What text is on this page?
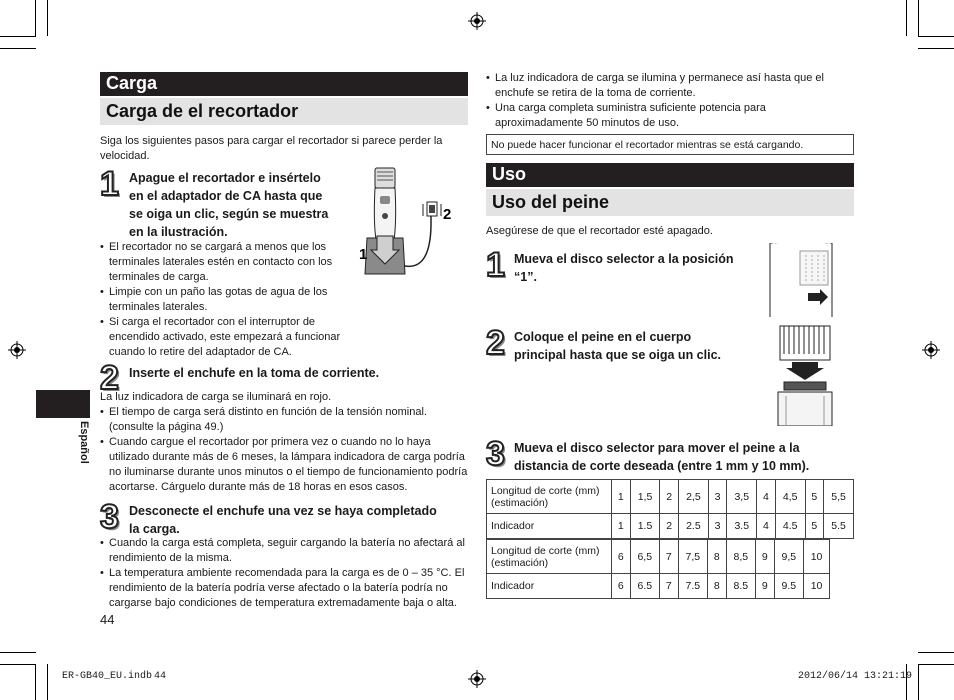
Carga
Carga de el recortador
Siga los siguientes pasos para cargar el recortador si parece perder la velocidad.
1 Apague el recortador e insértelo
en el adaptador de CA hasta que
se oiga un clic, según se muestra
en la ilustración.
1
2
• El recortador no se cargará a menos que los terminales laterales estén en contacto con los terminales de carga.
• Limpie con un paño las gotas de agua de los terminales laterales.
• Si carga el recortador con el interruptor de encendido activado, este empezará a funcionar cuando lo retire del adaptador de CA.
2 Inserte el enchufe en la toma de corriente.
La luz indicadora de carga se iluminará en rojo.
• El tiempo de carga será distinto en función de la tensión nominal. (consulte la página 49.)
• Cuando cargue el recortador por primera vez o cuando no lo haya utilizado durante más de 6 meses, la lámpara indicadora de carga podría no iluminarse durante unos minutos o el tiempo de funcionamiento podría acortarse. Cárguelo durante más de 18 horas en esos casos.
3 Desconecte el enchufe una vez se haya completado
la carga.
• Cuando la carga está completa, seguir cargando la batería no afectará al rendimiento de la misma.
• La temperatura ambiente recomendada para la carga es de 0 – 35 °C. El rendimiento de la batería podría verse afectado o la batería podría no cargarse bajo condiciones de temperatura extremadamente baja o alta.
44
Español
• La luz indicadora de carga se ilumina y permanece así hasta que el enchufe se retira de la toma de corriente.
• Una carga completa suministra suficiente potencia para aproximadamente 50 minutos de uso.
No puede hacer funcionar el recortador mientras se está cargando.
Uso
Uso del peine
Asegúrese de que el recortador esté apagado.
1 Mueva el disco selector a la posición
“1”.
2 Coloque el peine en el cuerpo
principal hasta que se oiga un clic.
3 Mueva el disco selector para mover el peine a la
distancia de corte deseada (entre 1 mm y 10 mm).
Longitud de corte (mm) (estimación)	1	1,5	2	2,5	3	3,5	4	4,5	5	5,5
Indicador	1	1.5	2	2.5	3	3.5	4	4.5	5	5.5
Longitud de corte (mm) (estimación)	6	6,5	7	7,5	8	8,5	9	9,5	10
Indicador	6	6.5	7	7.5	8	8.5	9	9.5	10
ER-GB40_EU.indb 44	2012/06/14 13:21:19
